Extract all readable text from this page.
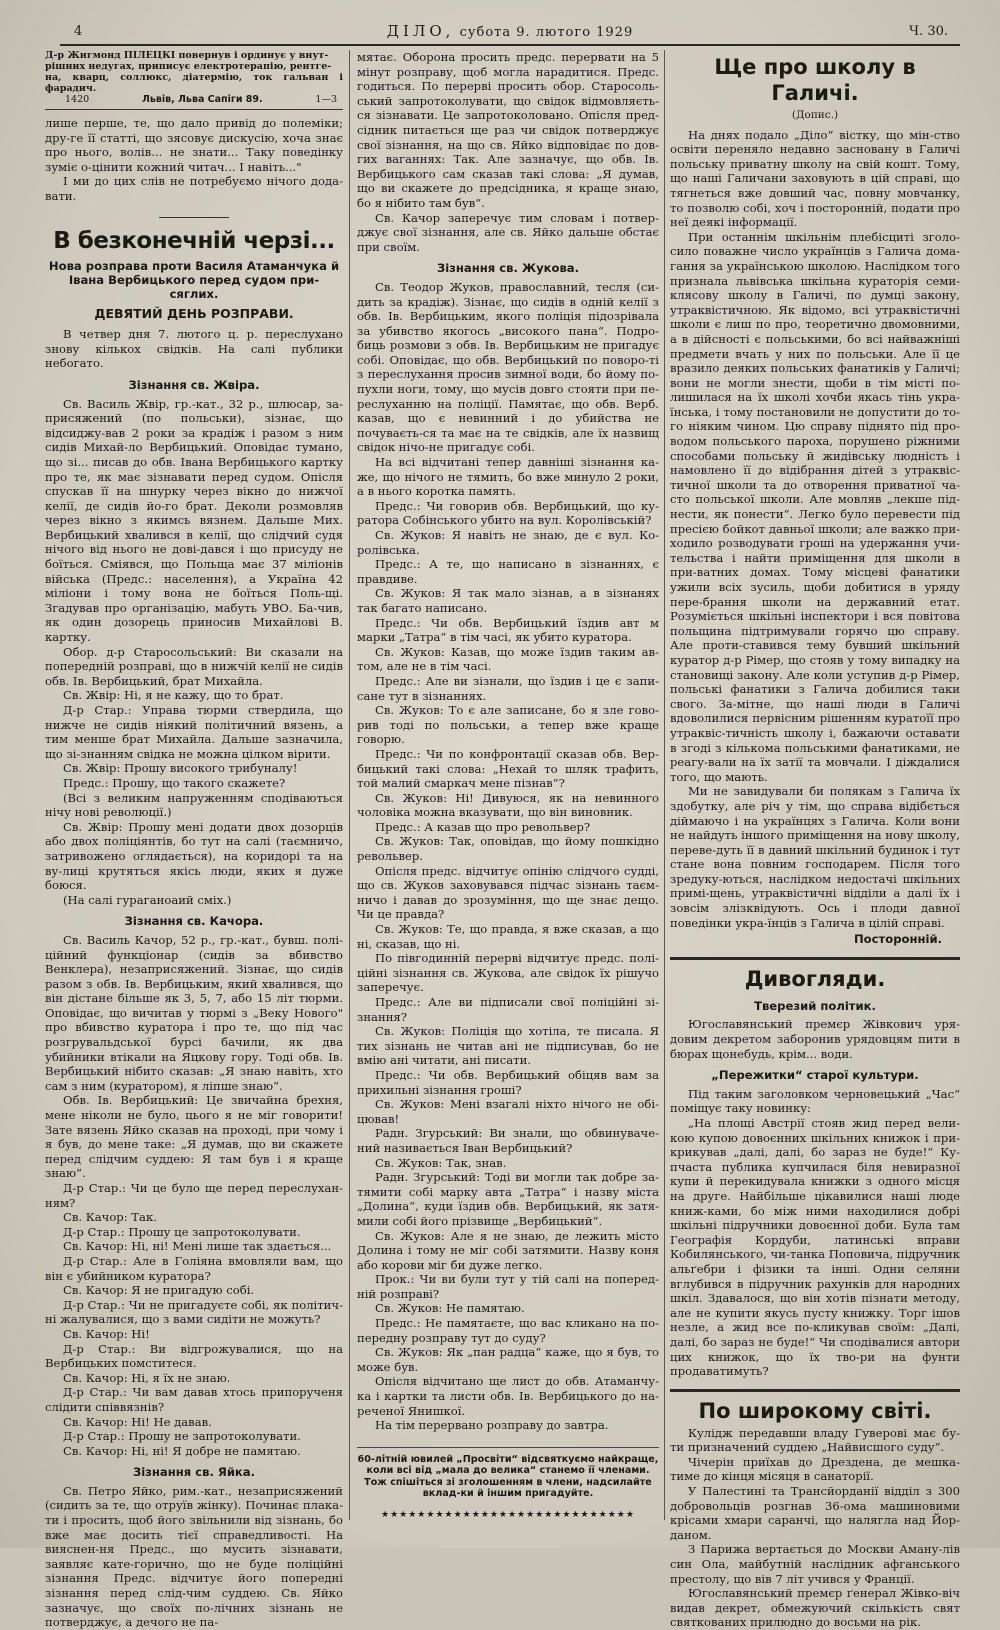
4	ДІЛО, субота 9. лютого 1929	Ч. 30.
Д-р Жигмонд ПІЛЕЦКІ повернув і ординує у внут-
рішних недугах, приписує електротерапію, рентге-
на, кварц, соллюкс, діатермію, ток гальван і фарадич.
1420	Львів, Льва Сапіги 89.	1—3

лише перше, те, що дало привід до полеміки; дру-ге її статті, що зясовує дискусію, хоча знає про нього, волів... не знати... Таку поведінку зуміє о-цінити кожний читач... І навіть..."

І ми до цих слів не потребуємо нічого дода-вати.

В безконечній черзі...
Нова розправа проти Василя Атаманчука й Івана Вербицького перед судом при-сяглих.
ДЕВЯТИЙ ДЕНЬ РОЗПРАВИ.

В четвер дня 7. лютого ц. р. переслухано знову кількох свідків. На салі публики небогато.

Зізнання св. Жвіра.

Св. Василь Жвір, гр.-кат., 32 р., шлюсар, за-присяжений (по польськи), зізнає, що відсиджу-вав 2 роки за крадіж і разом з ним сидів Михай-ло Вербицький. Оповідає тумано, що зі... писав до обв. Івана Вербицького картку про те, як має зізнавати перед судом. Опісля спускав її на шнурку через вікно до нижчої келії, де сидів йо-го брат. Деколи розмовляв через вікно з якимсь вязнем. Дальше Мих. Вербицький хвалився в келії, що слідчий судя нічого від нього не дові-дався і що присуду не боїться. Сміявся, що Польща має 37 міліонів війська (Предс.: населення), а Україна 42 міліони і тому вона не боїться Поль-щі. Згадував про організацію, мабуть УВО. Ба-чив, як один дозорець приносив Михайлові В. картку.

Обор. д-р Старосольський: Ви сказали на попередній розправі, що в нижчій келії не сидів обв. Ів. Вербицький, брат Михайла.

Св. Жвір: Ні, я не кажу, що то брат.

Д-р Стар.: Управа тюрми ствердила, що нижче не сидів ніякий політичний вязень, а тим менше брат Михайла. Дальше зазначила, що зі-знанням свідка не можна цілком вірити.

Св. Жвір: Прошу високого трибуналу!

Предс.: Прошу, що такого скажете?

(Всі з великим напруженням сподіваються нічу нові революції.)

Св. Жвір: Прошу мені додати двох дозорців або двох поліціянтів, бо тут на салі (таємничо, затривожено оглядається), на коридорі та на ву-лиці крутяться якісь люди, яких я дуже боюся.

(На салі гураганоаий сміх.)

Зізнання св. Качора.

Св. Василь Качор, 52 р., гр.-кат., бувш. полі-ційний функціонар (сидів за вбивство Венклера), незаприсяжений. Зізнає, що сидів разом з обв. Ів. Вербицьким, який хвалився, що він дістане більше як 3, 5, 7, або 15 літ тюрми. Оповідає, що вичитав у тюрмі з „Веку Нового" про вбивство куратора і про те, що під час розгрувальдської бурсі бачили, як два убийники втікали на Яцкову гору. Тоді обв. Ів. Вербицький нібито сказав: „Я знаю навіть, хто сам з ним (куратором), я ліпше знаю“.

Обв. Ів. Вербицький: Це звичайна брехня, мене ніколи не було, цього я не міг говорити! Зате вязень Яйко сказав на проході, при чому і я був, до мене таке: „Я думав, що ви скажете перед слідчим суддею: Я там був і я краще знаю“.

Д-р Стар.: Чи це було ще перед переслухан-ням?

Св. Качор: Так.

Д-р Стар.: Прошу це запротоколувати.

Св. Качор: Ні, ні! Мені лише так здається...

Д-р Стар.: Але в Голіяна вмовляли вам, що він є убийником куратора?

Св. Качор: Я не пригадую собі.

Д-р Стар.: Чи не пригадуєте собі, як політич-ні жалувалися, що з вами сидіти не можуть?

Св. Качор: Ні!

Д-р Стар.: Ви відгрожувалися, що на Вербицьких помститеся.

Св. Качор: Ні, я їх не знаю.

Д-р Стар.: Чи вам давав хтось припорученя слідити співвязнів?

Св. Качор: Ні! Не давав.

Д-р Стар.: Прошу не запротоколувати.

Св. Качор: Ні, ні! Я добре не памятаю.

Зізнання св. Яйка.

Св. Петро Яйко, рим.-кат., незаприсяжений (сидить за те, що отруїв жінку). Починає плака-ти і просить, щоб його звільнили від зізнань, бо вже має досить тієї справедливості. На вияснен-ня Предс., що мусить зізнавати, заявляє кате-горично, що не буде поліційні зізнання Предс. відчитує його попередні зізнання перед слід-чим суддею. Св. Яйко зазначує, що своїх по-лічних зізнань не потверджує, а дечого не па-

мятає. Оборона просить предс. перервати на 5 мінут розправу, щоб могла нарадитися. Предс. годиться. По перерві просить обор. Старосоль-ський запротоколувати, що свідок відмовляєть-ся зізнавати. Це запротоколовано. Опісля пред-сідник питається ще раз чи свідок потверджує свої зізнання, на що св. Яйко відповідає по дов-гих ваганнях: Так. Але зазначує, що обв. Ів. Вербицького сам сказав такі слова: „Я думав, що ви скажете до предсідника, я краще знаю, бо я нібито там був“.

Св. Качор заперечує тим словам і потвер-джує свої зізнання, але св. Яйко дальше обстає при своїм.

Зізнання св. Жукова.

Св. Теодор Жуков, православний, тесля (си-дить за крадіж). Зізнає, що сидів в одній келії з обв. Ів. Вербицьким, якого поліція підозрівала за убивство якогось „високого пана“. Подро-биць розмови з обв. Ів. Вербицьким не пригадує собі. Оповідає, що обв. Вербицький по поворо-ті з переслухання просив зимної води, бо йому по-пухли ноги, тому, що мусів довго стояти при пе-реслуханню на поліції. Памятає, що обв. Верб. казав, що є невинний і до убийства не почуваєть-ся та має на те свідків, але їх назвищ свідок нічо-не пригадує собі.

На всі відчитані тепер давніші зізнання ка-же, що нічого не тямить, бо вже минуло 2 роки, а в нього коротка память.

Предс.: Чи говорив обв. Вербицький, що ку-ратора Собінського убито на вул. Королівській?

Св. Жуков: Я навіть не знаю, де є вул. Ко-ролівська.

Предс.: А те, що написано в зізнаннях, є правдиве.

Св. Жуков: Я так мало зізнав, а в зізнанях так багато написано.

Предс.: Чи обв. Вербицький їздив авт м марки „Татра“ в тім часі, як убито куратора.

Св. Жуков: Казав, що може їздив таким ав-том, але не в тім часі.

Предс.: Але ви зізнали, що їздив і це є запи-сане тут в зізнаннях.

Св. Жуков: То є але записане, бо я зле гово-рив тоді по польськи, а тепер вже краще говорю.

Предс.: Чи по конфронтації сказав обв. Вер-бицький такі слова: „Нехай то шляк трафить, той малий смаркач мене пізнав“?

Св. Жуков: Ні! Дивуюся, як на невинного чоловіка можна вказувати, що він виновник.

Предс.: А казав що про револьвер?

Св. Жуков: Так, оповідав, що йому пошкідно револьвер.

Опісля предс. відчитує опінію слідчого судді, що св. Жуков заховувався підчас зізнань таєм-ничо і давав до зрозуміння, що ще знає дещо. Чи це правда?

Св. Жуков: Те, що правда, я вже сказав, а що ні, сказав, що ні.

По півгодинній перерві відчитує предс. полі-ційні зізнання св. Жукова, але свідок їх рішучо заперечує.

Предс.: Але ви підписали свої поліційні зі-знання?

Св. Жуков: Поліція що хотіла, те писала. Я тих зізнань не читав ані не підписував, бо не вмію ані читати, ані писати.

Предс.: Чи обв. Вербицький обіцяв вам за прихильні зізнання гроші?

Св. Жуков: Мені взагалі ніхто нічого не обі-цював!

Радн. Згурський: Ви знали, що обвинуваче-ний називається Іван Вербицький?

Св. Жуков: Так, знав.

Радн. Згурський: Тоді ви могли так добре за-тямити собі марку авта „Татра“ і назву міста „Долина“, куди їздив обв. Вербицький, як затя-мили собі його прізвище „Вербицький“.

Св. Жуков: Але я не знаю, де лежить місто Долина і тому не міг собі затямити. Назву коня або корови міг би дуже легко.

Прок.: Чи ви були тут у тій салі на поперед-ній розправі?

Св. Жуков: Не памятаю.

Предс.: Не памятаєте, що вас кликано на по-передну розправу тут до суду?

Св. Жуков: Як „пан радца“ каже, що я був, то може був.

Опісля відчитано ще лист до обв. Атаманчу-ка і картки та листи обв. Ів. Вербицького до на-реченої Янишкої.

На тім перервано розправу до завтра.

60-літній ювилей „Просвіти“ відсвяткуємо найкраще, коли всі від „мала до велика“ станемо її членами. Тож спішіться зі зголошенням в члени, надсилайте вклад-ки й іншим пригадуйте.
★★★★★★★★★★★★★★★★★★★★★★★★★★★★
Ще про школу в Галичі.
(Допис.)

На днях подало „Діло“ вістку, що мін-ство освіти переняло недавно засновану в Галичі польську приватну школу на свій кошт. Тому, що наші Галичани заховують в цій справі, що тягнеться вже довший час, повну мовчанку, то позволю собі, хоч і посторонній, подати про неї деякі інформації.

При останнім шкільнім плебісциті зголо-сило поважне число українців з Галича дома-гання за українською школою. Наслідком того признала львівська шкільна кураторія семи-клясову школу в Галичі, по думці закону, утраквістичною. Як відомо, всі утраквістичні школи є лиш по про, теоретично двомовними, а в дійсності є польськими, бо всі найважніші предмети вчать у них по польськи. Але її це вразило деяких польських фанатиків у Галичі; вони не могли знести, щоби в тім місті по-лишилася на їх школі хочби якась тінь укра-їнська, і тому постановили не допустити до то-го ніяким чином. Цю справу піднято під про-водом польського пароха, порушено ріжними способами польську й жидівську людність і намовлено її до відібрання дітей з утраквіс-тичної школи та до отворення приватної ча-сто польської школи. Але мовляв „лекше під-нести, як понести“. Легко було перевести під пресією бойкот давньої школи; але важко при-ходило розводувати гроші на удержання учи-тельства і найти приміщення для школи в при-ватних домах. Тому місцеві фанатики ужили всіх зусиль, щоби добитися в уряду пере-брання школи на державний етат. Розуміється шкільні інспектори і вся повітова польщина підтримували горячо цю справу. Але проти-ставився тему бувший шкільний куратор д-р Рімер, що стояв у тому випадку на становищі закону. Але коли уступив д-р Рімер, польські фанатики з Галича добилися таки свого. За-мітне, що наші люди в Галичі вдоволилися первісним рішенням куратоїї про утраквіс-тичність школу і, бажаючи оставати в згоді з кількома польськими фанатиками, не реагу-вали на їх затії та мовчали. І діждалися того, що мають.

Ми не завидували би полякам з Галича їх здобутку, але річ у тім, що справа відібється діймаючо і на українцях з Галича. Коли вони не найдуть іншого приміщення на нову школу, переве-дуть її в давний шкільний будинок і тут стане вона повним господарем. Після того зредуку-ються, наслідком недостачі шкільних примі-щень, утраквістичні відділи а далі їх і зовсім злізквідують. Ось і плоди давної поведінки укра-їнців з Галича в цілій справі.

Посторонній.
Дивогляди.
Тверезий політик.

Югославянський премєр Жівкович уря-довим декретом заборонив урядовцям пити в бюрах щонебудь, крім... води.

„Пережитки“ старої культури.

Під таким заголовком черновецький „Час“ поміщує таку новинку:

„На площі Австрії стояв жид перед вели-кою купою довоєнних шкільних книжок і при-крикував „далі, далі, бо зараз не буде!“ Ку-пчаста публика купчилася біля невиразної купи й перекидувала книжки з одного місця на друге. Найбільше цікавилися наші люде книж-ками, бо між ними находилися добрі шкільні підручники довоєнної доби. Була там Географія Кордуби, латинські вправи Кобилянського, чи-танка Поповича, підручник альґебри і фізики та інші. Одни селяни вглубився в підручник рахунків для народних шкіл. Здавалося, що він хотів пізнати методу, але не купити якусь пусту книжку. Торг ішов незле, а жид все по-кликував своїм: „Далі, далі, бо зараз не буде!“ Чи сподівалися автори цих книжок, що їх тво-ри на фунти продаватимуть?

По широкому світі.

Кулідж передавши владу Гуверові має бу-ти призначений суддею „Найвисшого суду“.

Чічерін приїхав до Дрездена, де мешка-тиме до кінця місяця в санаторії.

У Палестині та Трансйорданії відділ з 300 добровольців розгнав 36-ома машиновими крісами хмари саранчі, що налягла над Йор-даном.

З Парижа вертається до Москви Аману-лів син Ола, майбутній наслідник афганського престолу, що вів 7 літ учився у Франції.

Югославянський премєр ґенерал Жівко-віч видав декрет, обмежуючий скількість свят святкованих прилюдно до восьми на рік.
